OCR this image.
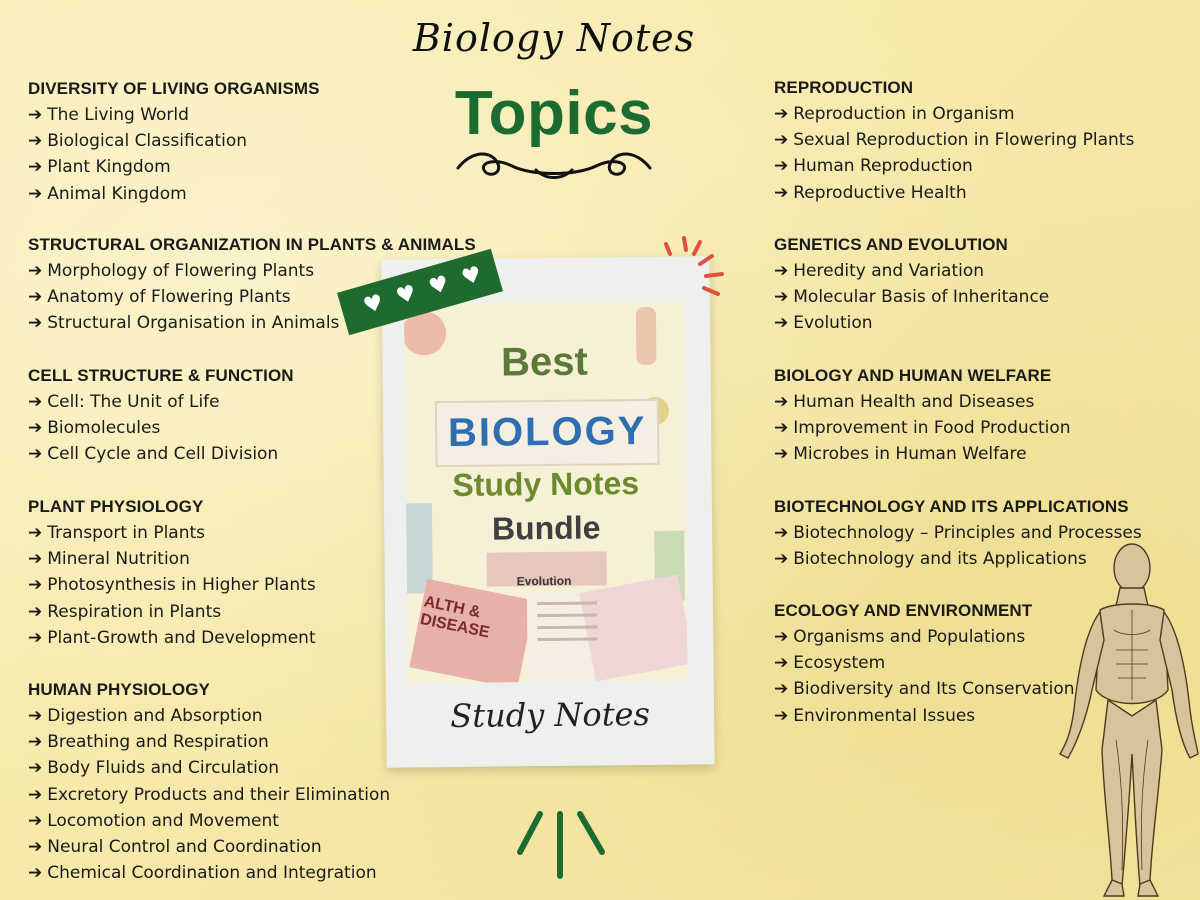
Biology Notes
Topics
DIVERSITY OF LIVING ORGANISMS
➔ The Living World
➔ Biological Classification
➔ Plant Kingdom
➔ Animal Kingdom
STRUCTURAL ORGANIZATION IN PLANTS & ANIMALS
➔ Morphology of Flowering Plants
➔ Anatomy of Flowering Plants
➔ Structural Organisation in Animals
CELL STRUCTURE & FUNCTION
➔ Cell: The Unit of Life
➔ Biomolecules
➔ Cell Cycle and Cell Division
PLANT PHYSIOLOGY
➔ Transport in Plants
➔ Mineral Nutrition
➔ Photosynthesis in Higher Plants
➔ Respiration in Plants
➔ Plant-Growth and Development
HUMAN PHYSIOLOGY
➔ Digestion and Absorption
➔ Breathing and Respiration
➔ Body Fluids and Circulation
➔ Excretory Products and their Elimination
➔ Locomotion and Movement
➔ Neural Control and Coordination
➔ Chemical Coordination and Integration
REPRODUCTION
➔ Reproduction in Organism
➔ Sexual Reproduction in Flowering Plants
➔ Human Reproduction
➔ Reproductive Health
GENETICS AND EVOLUTION
➔ Heredity and Variation
➔ Molecular Basis of Inheritance
➔ Evolution
BIOLOGY AND HUMAN WELFARE
➔ Human Health and Diseases
➔ Improvement in Food Production
➔ Microbes in Human Welfare
BIOTECHNOLOGY AND ITS APPLICATIONS
➔ Biotechnology – Principles and Processes
➔ Biotechnology and its Applications
ECOLOGY AND ENVIRONMENT
➔ Organisms and Populations
➔ Ecosystem
➔ Biodiversity and Its Conservation
➔ Environmental Issues
Best
BIOLOGY
Study Notes
Bundle
Evolution
ALTH & DISEASE
Study Notes
♥ ♥ ♥ ♥
